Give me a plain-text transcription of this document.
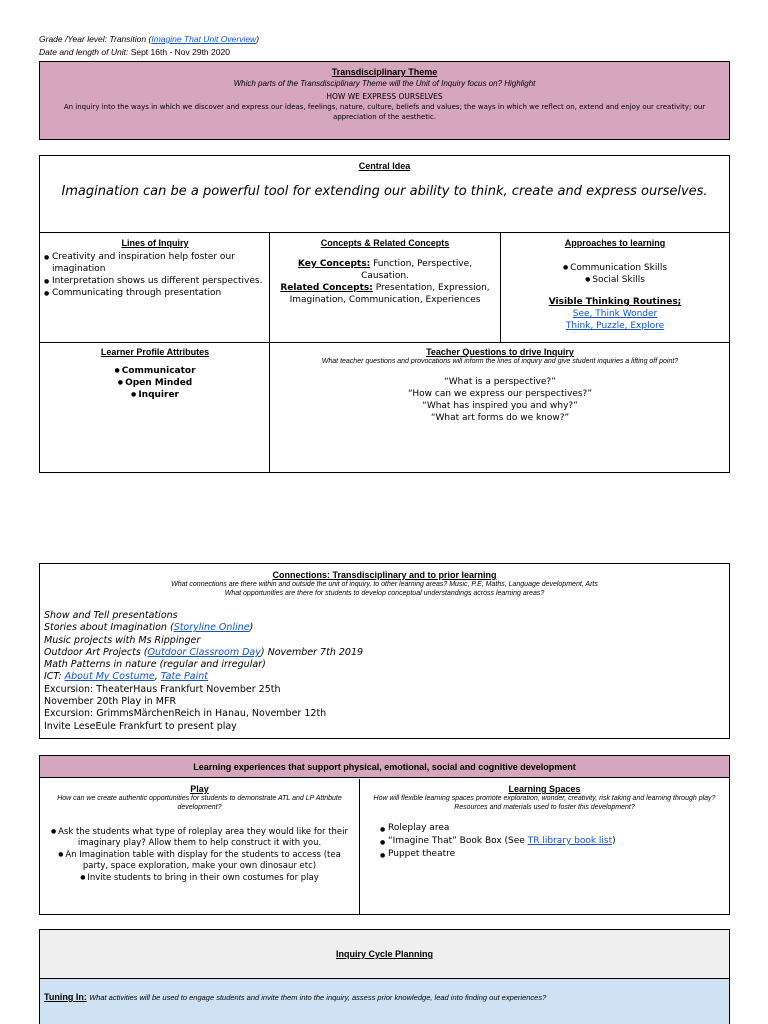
Grade /Year level: Transition (Imagine That Unit Overview)
Date and length of Unit: Sept 16th - Nov 29th 2020
Transdisciplinary Theme
Which parts of the Transdisciplinary Theme will the Unit of Inquiry focus on? Highlight
HOW WE EXPRESS OURSELVES
An inquiry into the ways in which we discover and express our ideas, feelings, nature, culture, beliefs and values; the ways in which we reflect on, extend and enjoy our creativity; our appreciation of the aesthetic.
Central Idea
Imagination can be a powerful tool for extending our ability to think, create and express ourselves.
Lines of Inquiry
● Creativity and inspiration help foster our imagination
● Interpretation shows us different perspectives.
● Communicating through presentation
Concepts & Related Concepts
Key Concepts: Function, Perspective, Causation.
Related Concepts: Presentation, Expression, Imagination, Communication, Experiences
Approaches to learning
● Communication Skills
● Social Skills
Visible Thinking Routines;
See, Think Wonder
Think, Puzzle, Explore
Learner Profile Attributes
● Communicator
● Open Minded
● Inquirer
Teacher Questions to drive Inquiry
What teacher questions and provocations will inform the lines of inquiry and give student inquiries a lifting off point?
“What is a perspective?”
“How can we express our perspectives?”
“What has inspired you and why?”
“What art forms do we know?”
Connections: Transdisciplinary and to prior learning
What connections are there within and outside the unit of inquiry, to other learning areas? Music, P.E, Maths, Language development, Arts
What opportunities are there for students to develop conceptual understandings across learning areas?
Show and Tell presentations
Stories about Imagination (Storyline Online)
Music projects with Ms Rippinger
Outdoor Art Projects (Outdoor Classroom Day) November 7th 2019
Math Patterns in nature (regular and irregular)
ICT: About My Costume, Tate Paint
Excursion: TheaterHaus Frankfurt November 25th
November 20th Play in MFR
Excursion: GrimmsMärchenReich in Hanau, November 12th
Invite LeseEule Frankfurt to present play
Learning experiences that support physical, emotional, social and cognitive development
Play
How can we create authentic opportunities for students to demonstrate ATL and LP Attribute development?
● Ask the students what type of roleplay area they would like for their imaginary play? Allow them to help construct it with you.
● An Imagination table with display for the students to access (tea party, space exploration, make your own dinosaur etc)
● Invite students to bring in their own costumes for play
Learning Spaces
How will flexible learning spaces promote exploration, wonder, creativity, risk taking and learning through play?
Resources and materials used to foster this development?
● Roleplay area
● “Imagine That” Book Box (See TR library book list)
● Puppet theatre
Inquiry Cycle Planning
Tuning In: What activities will be used to engage students and invite them into the inquiry, assess prior knowledge, lead into finding out experiences?
